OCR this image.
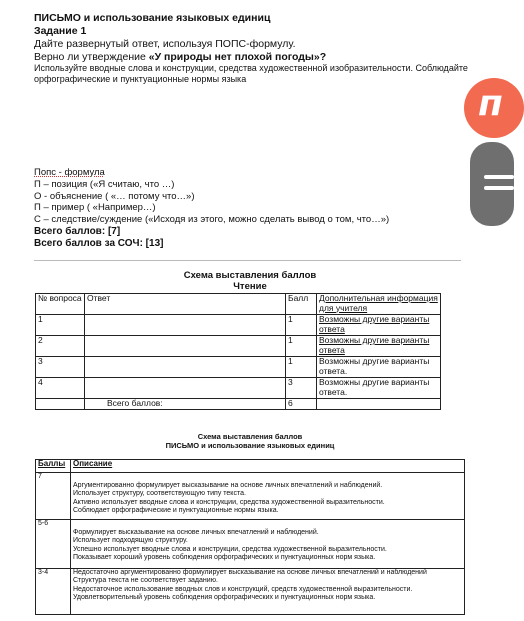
ПИСЬМО и использование языковых единиц
Задание 1
Дайте развернутый ответ, используя ПОПС-формулу.
Верно ли утверждение «У природы нет плохой погоды»?
Используйте вводные слова и конструкции, средства художественной изобразительности. Соблюдайте орфографические и пунктуационные нормы языка
п
Попс - формула
П – позиция («Я считаю, что …)
О - объяснение ( «… потому что…»)
П – пример ( «Например…)
С – следствие/суждение («Исходя из этого, можно сделать вывод о том, что…»)
Всего баллов: [7]
Всего баллов за СОЧ: [13]
Схема выставления баллов
Чтение
№ вопроса	Ответ	Балл	Дополнительная информация для учителя
1		1	Возможны другие варианты ответа
2		1	Возможны другие варианты ответа
3		1	Возможны другие варианты ответа.
4		3	Возможны другие варианты ответа.
	Всего баллов:	6	
Схема выставления баллов
ПИСЬМО и использование языковых единиц
Баллы	Описание
7	Аргументированно формулирует высказывание на основе личных впечатлений и наблюдений.
Использует структуру, соответствующую типу текста.
Активно использует вводные слова и конструкции, средства художественной выразительности.
Соблюдает орфографические и пунктуационные нормы языка.

5-6	Формулирует высказывание на основе личных впечатлений и наблюдений.
Использует подходящую структуру.
Успешно использует вводные слова и конструкции, средства художественной выразительности.
Показывает хороший уровень соблюдения орфографических и пунктуационных норм языка.

3-4	Недостаточно аргументированно формулирует высказывание на основе личных впечатлений и наблюдений
Структура текста не соответствует заданию.
Недостаточное использование вводных слов и конструкций, средств художественной выразительности.
Удовлетворительный уровень соблюдения орфографических и пунктуационных норм языка.
